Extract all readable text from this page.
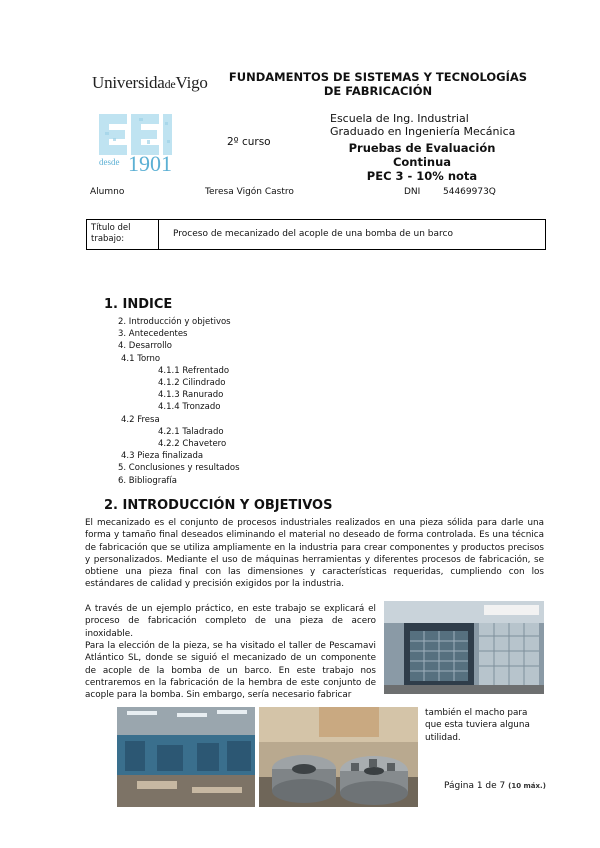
UniversidadeVigo FUNDAMENTOS DE SISTEMAS Y TECNOLOGÍAS
DE FABRICACIÓN
desde 1901
2º curso
Escuela de Ing. Industrial
Graduado en Ingeniería Mecánica
Pruebas de Evaluación Continua
PEC 3 - 10% nota
Alumno	Teresa Vigón Castro	DNI	54469973Q
Título del
trabajo:	Proceso de mecanizado del acople de una bomba de un barco
1. INDICE
2. Introducción y objetivos
3. Antecedentes
4. Desarrollo
4.1 Torno
4.1.1 Refrentado
4.1.2 Cilindrado
4.1.3 Ranurado
4.1.4 Tronzado
4.2 Fresa
4.2.1 Taladrado
4.2.2 Chavetero
4.3 Pieza finalizada
5. Conclusiones y resultados
6. Bibliografía
2. INTRODUCCIÓN Y OBJETIVOS
El mecanizado es el conjunto de procesos industriales realizados en una pieza sólida para darle una forma y tamaño final deseados eliminando el material no deseado de forma controlada. Es una técnica de fabricación que se utiliza ampliamente en la industria para crear componentes y productos precisos y personalizados. Mediante el uso de máquinas herramientas y diferentes procesos de fabricación, se obtiene una pieza final con las dimensiones y características requeridas, cumpliendo con los estándares de calidad y precisión exigidos por la industria.
A través de un ejemplo práctico, en este trabajo se explicará el proceso de fabricación completo de una pieza de acero inoxidable.
Para la elección de la pieza, se ha visitado el taller de Pescamavi Atlántico SL, donde se siguió el mecanizado de un componente de acople de la bomba de un barco. En este trabajo nos centraremos en la fabricación de la hembra de este conjunto de acople para la bomba. Sin embargo, sería necesario fabricar
también el macho para que esta tuviera alguna utilidad.
Página 1 de 7 (10 máx.)
